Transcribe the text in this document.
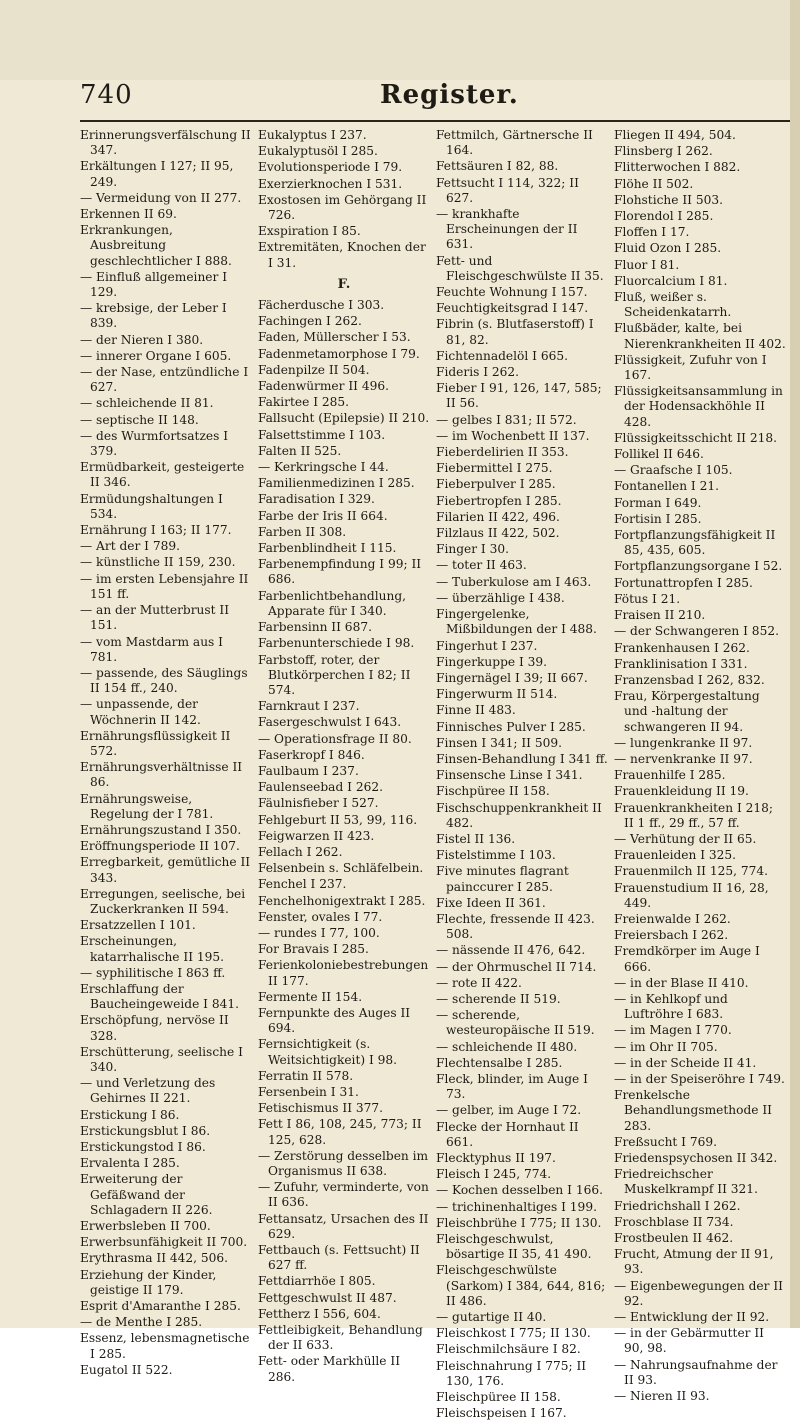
740	Register.

Erinnerungsverfälschung II 347.

Erkältungen I 127; II 95, 249.

— Vermeidung von II 277.

Erkennen II 69.

Erkrankungen, Ausbreitung geschlechtlicher I 888.

— Einfluß allgemeiner I 129.

— krebsige, der Leber I 839.

— der Nieren I 380.

— innerer Organe I 605.

— der Nase, entzündliche I 627.

— schleichende II 81.

— septische II 148.

— des Wurmfortsatzes I 379.

Ermüdbarkeit, gesteigerte II 346.

Ermüdungshaltungen I 534.

Ernährung I 163; II 177.

— Art der I 789.

— künstliche II 159, 230.

— im ersten Lebensjahre II 151 ff.

— an der Mutterbrust II 151.

— vom Mastdarm aus I 781.

— passende, des Säuglings II 154 ff., 240.

— unpassende, der Wöchnerin II 142.

Ernährungsflüssigkeit II 572.

Ernährungsverhältnisse II 86.

Ernährungsweise, Regelung der I 781.

Ernährungszustand I 350.

Eröffnungsperiode II 107.

Erregbarkeit, gemütliche II 343.

Erregungen, seelische, bei Zuckerkranken II 594.

Ersatzzellen I 101.

Erscheinungen, katarrhalische II 195.

— syphilitische I 863 ff.

Erschlaffung der Baucheingeweide I 841.

Erschöpfung, nervöse II 328.

Erschütterung, seelische I 340.

— und Verletzung des Gehirnes II 221.

Erstickung I 86.

Erstickungsblut I 86.

Erstickungstod I 86.

Ervalenta I 285.

Erweiterung der Gefäßwand der Schlagadern II 226.

Erwerbsleben II 700.

Erwerbsunfähigkeit II 700.

Erythrasma II 442, 506.

Erziehung der Kinder, geistige II 179.

Esprit d'Amaranthe I 285.

— de Menthe I 285.

Essenz, lebensmagnetische I 285.

Eugatol II 522.

Eukalyptus I 237.

Eukalyptusöl I 285.

Evolutionsperiode I 79.

Exerzierknochen I 531.

Exostosen im Gehörgang II 726.

Exspiration I 85.

Extremitäten, Knochen der I 31.

F.

Fächerdusche I 303.

Fachingen I 262.

Faden, Müllerscher I 53.

Fadenmetamorphose I 79.

Fadenpilze II 504.

Fadenwürmer II 496.

Fakirtee I 285.

Fallsucht (Epilepsie) II 210.

Falsettstimme I 103.

Falten II 525.

— Kerkringsche I 44.

Familienmedizinen I 285.

Faradisation I 329.

Farbe der Iris II 664.

Farben II 308.

Farbenblindheit I 115.

Farbenempfindung I 99; II 686.

Farbenlichtbehandlung, Apparate für I 340.

Farbensinn II 687.

Farbenunterschiede I 98.

Farbstoff, roter, der Blutkörperchen I 82; II 574.

Farnkraut I 237.

Fasergeschwulst I 643.

— Operationsfrage II 80.

Faserkropf I 846.

Faulbaum I 237.

Faulenseebad I 262.

Fäulnisfieber I 527.

Fehlgeburt II 53, 99, 116.

Feigwarzen II 423.

Fellach I 262.

Felsenbein s. Schläfelbein.

Fenchel I 237.

Fenchelhonigextrakt I 285.

Fenster, ovales I 77.

— rundes I 77, 100.

For Bravais I 285.

Ferienkoloniebestrebungen II 177.

Fermente II 154.

Fernpunkte des Auges II 694.

Fernsichtigkeit (s. Weitsichtigkeit) I 98.

Ferratin II 578.

Fersenbein I 31.

Fetischismus II 377.

Fett I 86, 108, 245, 773; II 125, 628.

— Zerstörung desselben im Organismus II 638.

— Zufuhr, verminderte, von II 636.

Fettansatz, Ursachen des II 629.

Fettbauch (s. Fettsucht) II 627 ff.

Fettdiarrhöe I 805.

Fettgeschwulst II 487.

Fettherz I 556, 604.

Fettleibigkeit, Behandlung der II 633.

Fett- oder Markhülle II 286.

Fettmilch, Gärtnersche II 164.

Fettsäuren I 82, 88.

Fettsucht I 114, 322; II 627.

— krankhafte Erscheinungen der II 631.

Fett- und Fleischgeschwülste II 35.

Feuchte Wohnung I 157.

Feuchtigkeitsgrad I 147.

Fibrin (s. Blutfaserstoff) I 81, 82.

Fichtennadelöl I 665.

Fideris I 262.

Fieber I 91, 126, 147, 585; II 56.

— gelbes I 831; II 572.

— im Wochenbett II 137.

Fieberdelirien II 353.

Fiebermittel I 275.

Fieberpulver I 285.

Fiebertropfen I 285.

Filarien II 422, 496.

Filzlaus II 422, 502.

Finger I 30.

— toter II 463.

— Tuberkulose am I 463.

— überzählige I 438.

Fingergelenke, Mißbildungen der I 488.

Fingerhut I 237.

Fingerkuppe I 39.

Fingernägel I 39; II 667.

Fingerwurm II 514.

Finne II 483.

Finnisches Pulver I 285.

Finsen I 341; II 509.

Finsen-Behandlung I 341 ff.

Finsensche Linse I 341.

Fischpüree II 158.

Fischschuppenkrankheit II 482.

Fistel II 136.

Fistelstimme I 103.

Five minutes flagrant painccurer I 285.

Fixe Ideen II 361.

Flechte, fressende II 423. 508.

— nässende II 476, 642.

— der Ohrmuschel II 714.

— rote II 422.

— scherende II 519.

— scherende, westeuropäische II 519.

— schleichende II 480.

Flechtensalbe I 285.

Fleck, blinder, im Auge I 73.

— gelber, im Auge I 72.

Flecke der Hornhaut II 661.

Flecktyphus II 197.

Fleisch I 245, 774.

— Kochen desselben I 166.

— trichinenhaltiges I 199.

Fleischbrühe I 775; II 130.

Fleischgeschwulst, bösartige II 35, 41 490.

Fleischgeschwülste (Sarkom) I 384, 644, 816; II 486.

— gutartige II 40.

Fleischkost I 775; II 130.

Fleischmilchsäure I 82.

Fleischnahrung I 775; II 130, 176.

Fleischpüree II 158.

Fleischspeisen I 167.

Fliegen II 494, 504.

Flinsberg I 262.

Flitterwochen I 882.

Flöhe II 502.

Flohstiche II 503.

Florendol I 285.

Floffen I 17.

Fluid Ozon I 285.

Fluor I 81.

Fluorcalcium I 81.

Fluß, weißer s. Scheidenkatarrh.

Flußbäder, kalte, bei Nierenkrankheiten II 402.

Flüssigkeit, Zufuhr von I 167.

Flüssigkeitsansammlung in der Hodensackhöhle II 428.

Flüssigkeitsschicht II 218.

Follikel II 646.

— Graafsche I 105.

Fontanellen I 21.

Forman I 649.

Fortisin I 285.

Fortpflanzungsfähigkeit II 85, 435, 605.

Fortpflanzungsorgane I 52.

Fortunattropfen I 285.

Fötus I 21.

Fraisen II 210.

— der Schwangeren I 852.

Frankenhausen I 262.

Franklinisation I 331.

Franzensbad I 262, 832.

Frau, Körpergestaltung und -haltung der schwangeren II 94.

— lungenkranke II 97.

— nervenkranke II 97.

Frauenhilfe I 285.

Frauenkleidung II 19.

Frauenkrankheiten I 218; II 1 ff., 29 ff., 57 ff.

— Verhütung der II 65.

Frauenleiden I 325.

Frauenmilch II 125, 774.

Frauenstudium II 16, 28, 449.

Freienwalde I 262.

Freiersbach I 262.

Fremdkörper im Auge I 666.

— in der Blase II 410.

— in Kehlkopf und Luftröhre I 683.

— im Magen I 770.

— im Ohr II 705.

— in der Scheide II 41.

— in der Speiseröhre I 749.

Frenkelsche Behandlungsmethode II 283.

Freßsucht I 769.

Friedenspsychosen II 342.

Friedreichscher Muskelkrampf II 321.

Friedrichshall I 262.

Froschblase II 734.

Frostbeulen II 462.

Frucht, Atmung der II 91, 93.

— Eigenbewegungen der II 92.

— Entwicklung der II 92.

— in der Gebärmutter II 90, 98.

— Nahrungsaufnahme der II 93.

— Nieren II 93.
